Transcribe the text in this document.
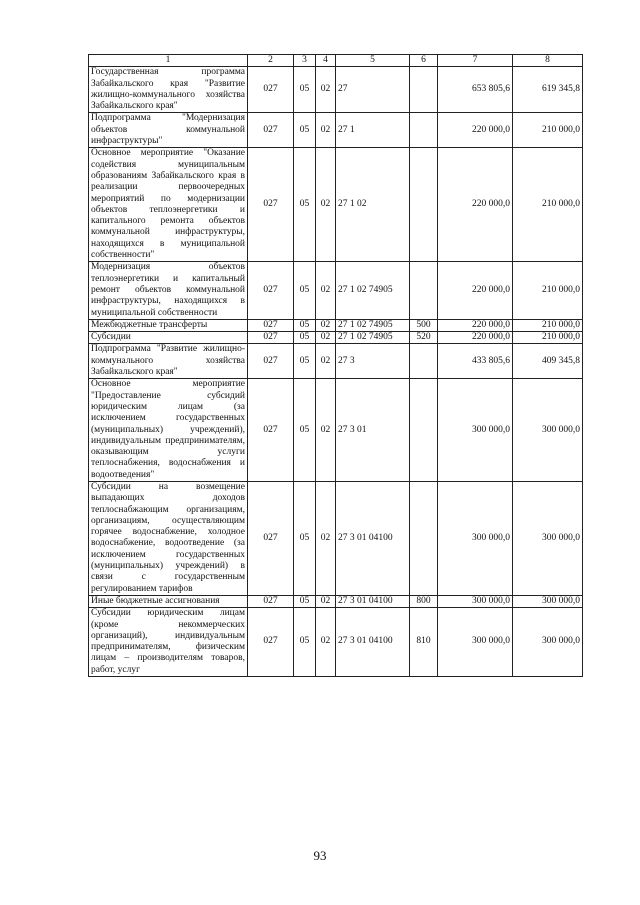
1	2	3	4	5	6	7	8
Государственная программа Забайкальского края "Развитие жилищно-коммунального хозяйства Забайкальского края"	027	05	02	27		653 805,6	619 345,8
Подпрограмма "Модернизация объектов коммунальной инфраструктуры"	027	05	02	27 1		220 000,0	210 000,0
Основное мероприятие "Оказание содействия муниципальным образованиям Забайкальского края в реализации первоочередных мероприятий по модернизации объектов теплоэнергетики и капитального ремонта объектов коммунальной инфраструктуры, находящихся в муниципальной собственности"	027	05	02	27 1 02		220 000,0	210 000,0
Модернизация объектов теплоэнергетики и капитальный ремонт объектов коммунальной инфраструктуры, находящихся в муниципальной собственности	027	05	02	27 1 02 74905		220 000,0	210 000,0
Межбюджетные трансферты	027	05	02	27 1 02 74905	500	220 000,0	210 000,0
Субсидии	027	05	02	27 1 02 74905	520	220 000,0	210 000,0
Подпрограмма "Развитие жилищно-коммунального хозяйства Забайкальского края"	027	05	02	27 3		433 805,6	409 345,8
Основное мероприятие "Предоставление субсидий юридическим лицам (за исключением государственных (муниципальных) учреждений), индивидуальным предпринимателям, оказывающим услуги теплоснабжения, водоснабжения и водоотведения"	027	05	02	27 3 01		300 000,0	300 000,0
Субсидии на возмещение выпадающих доходов теплоснабжающим организациям, организациям, осуществляющим горячее водоснабжение, холодное водоснабжение, водоотведение (за исключением государственных (муниципальных) учреждений) в связи с государственным регулированием тарифов	027	05	02	27 3 01 04100		300 000,0	300 000,0
Иные бюджетные ассигнования	027	05	02	27 3 01 04100	800	300 000,0	300 000,0
Субсидии юридическим лицам (кроме некоммерческих организаций), индивидуальным предпринимателям, физическим лицам – производителям товаров, работ, услуг	027	05	02	27 3 01 04100	810	300 000,0	300 000,0
93
